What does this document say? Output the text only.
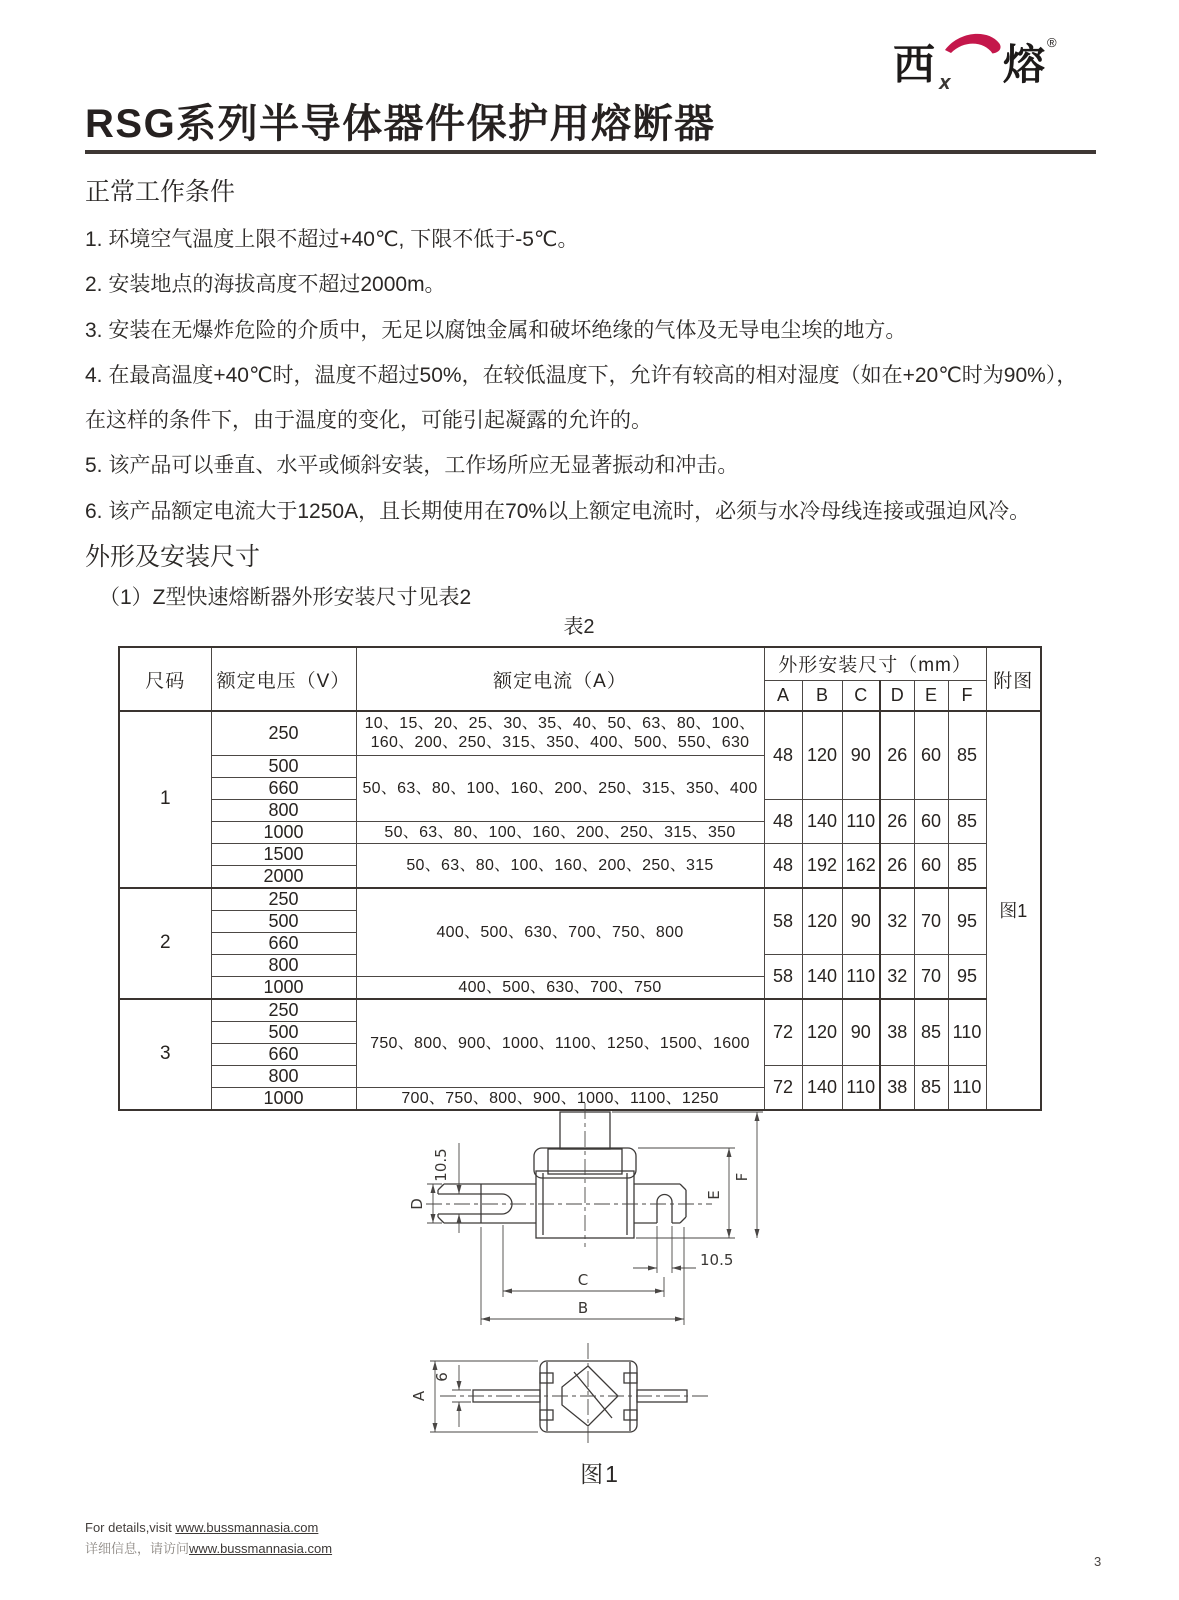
西 X 熔 ®
RSG系列半导体器件保护用熔断器
正常工作条件
1. 环境空气温度上限不超过+40℃, 下限不低于-5℃。
2. 安装地点的海拔高度不超过2000m。
3. 安装在无爆炸危险的介质中，无足以腐蚀金属和破坏绝缘的气体及无导电尘埃的地方。
4. 在最高温度+40℃时，温度不超过50%，在较低温度下，允许有较高的相对湿度（如在+20℃时为90%），
在这样的条件下，由于温度的变化，可能引起凝露的允许的。
5. 该产品可以垂直、水平或倾斜安装，工作场所应无显著振动和冲击。
6. 该产品额定电流大于1250A，且长期使用在70%以上额定电流时，必须与水冷母线连接或强迫风冷。
外形及安装尺寸
（1）Z型快速熔断器外形安装尺寸见表2
表2
尺码	额定电压（V）	额定电流（A）	外形安装尺寸（mm）						附图
			A	B	C	D	E	F	
1	250	10、15、20、25、30、35、40、50、63、80、100、160、200、250、315、350、400、500、550、630	48	120	90	26	60	85	图1
	500	50、63、80、100、160、200、250、315、350、400							
	660								
	800		48	140	110	26	60	85	
	1000	50、63、80、100、160、200、250、315、350							
	1500	50、63、80、100、160、200、250、315	48	192	162	26	60	85	
	2000								
2	250	400、500、630、700、750、800	58	120	90	32	70	95	
	500								
	660								
	800		58	140	110	32	70	95	
	1000	400、500、630、700、750							
3	250	750、800、900、1000、1100、1250、1500、1600	72	120	90	38	85	110	
	500								
	660								
	800		72	140	110	38	85	110	
	1000	700、750、800、900、1000、1100、1250							
10.5
D
E
F
10.5
C
B
A
6
图1
For details,visit www.bussmannasia.com
详细信息，请访问www.bussmannasia.com
3
